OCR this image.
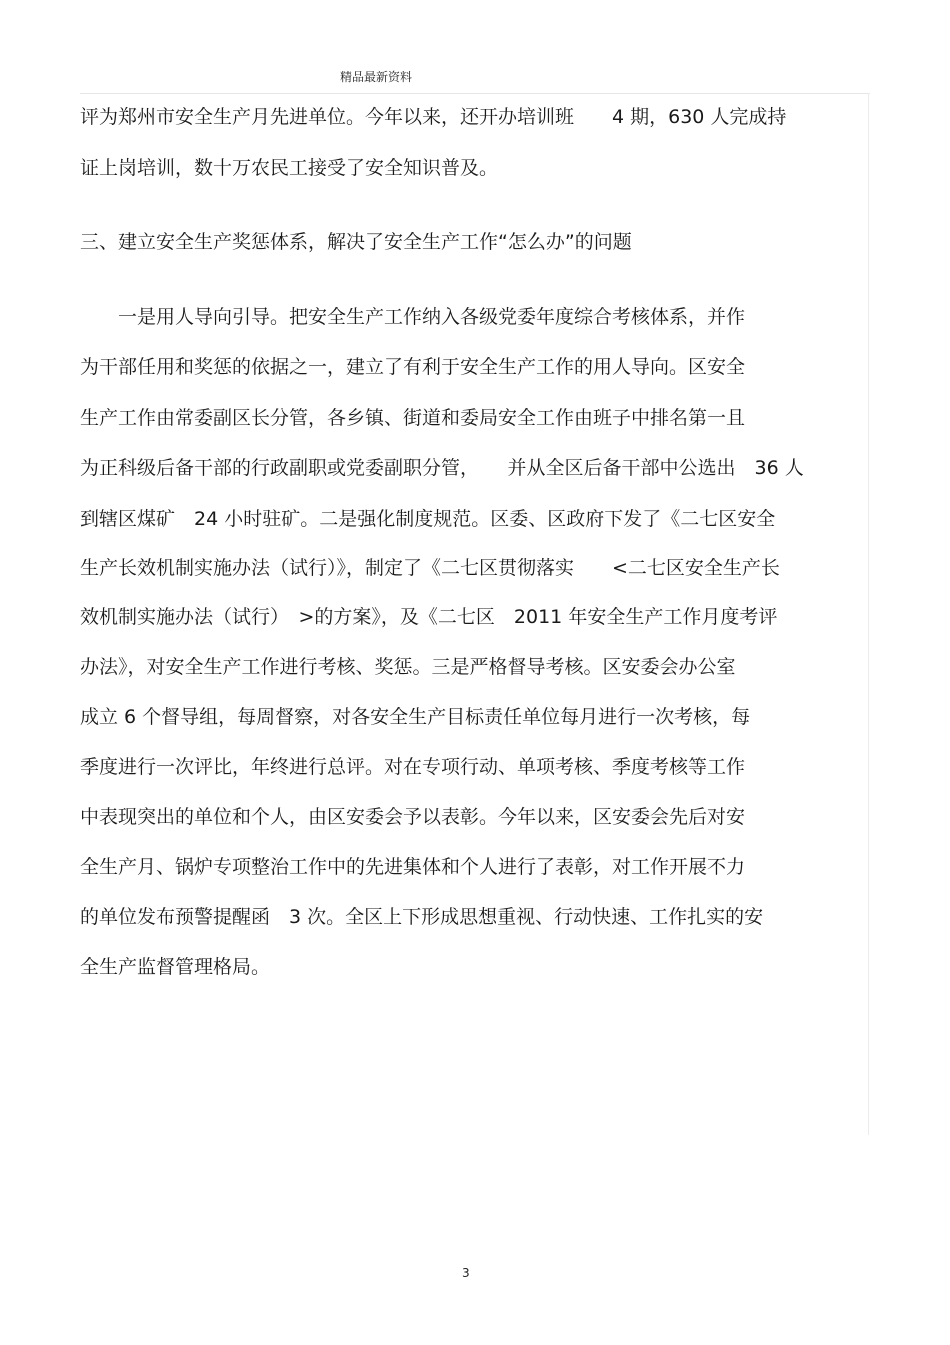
精品最新资料
评为郑州市安全生产月先进单位。今年以来，还开办培训班　　4 期，630 人完成持
证上岗培训，数十万农民工接受了安全知识普及。
三、建立安全生产奖惩体系，解决了安全生产工作“怎么办”的问题
　　一是用人导向引导。把安全生产工作纳入各级党委年度综合考核体系，并作
为干部任用和奖惩的依据之一，建立了有利于安全生产工作的用人导向。区安全
生产工作由常委副区长分管，各乡镇、街道和委局安全工作由班子中排名第一且
为正科级后备干部的行政副职或党委副职分管，　　并从全区后备干部中公选出　36 人
到辖区煤矿　24 小时驻矿。二是强化制度规范。区委、区政府下发了《二七区安全
生产长效机制实施办法（试行）》，制定了《二七区贯彻落实　　<二七区安全生产长
效机制实施办法（试行）　>的方案》，及《二七区　2011 年安全生产工作月度考评
办法》，对安全生产工作进行考核、奖惩。三是严格督导考核。区安委会办公室
成立 6 个督导组，每周督察，对各安全生产目标责任单位每月进行一次考核，每
季度进行一次评比，年终进行总评。对在专项行动、单项考核、季度考核等工作
中表现突出的单位和个人，由区安委会予以表彰。今年以来，区安委会先后对安
全生产月、锅炉专项整治工作中的先进集体和个人进行了表彰，对工作开展不力
的单位发布预警提醒函　3 次。全区上下形成思想重视、行动快速、工作扎实的安
全生产监督管理格局。
3
